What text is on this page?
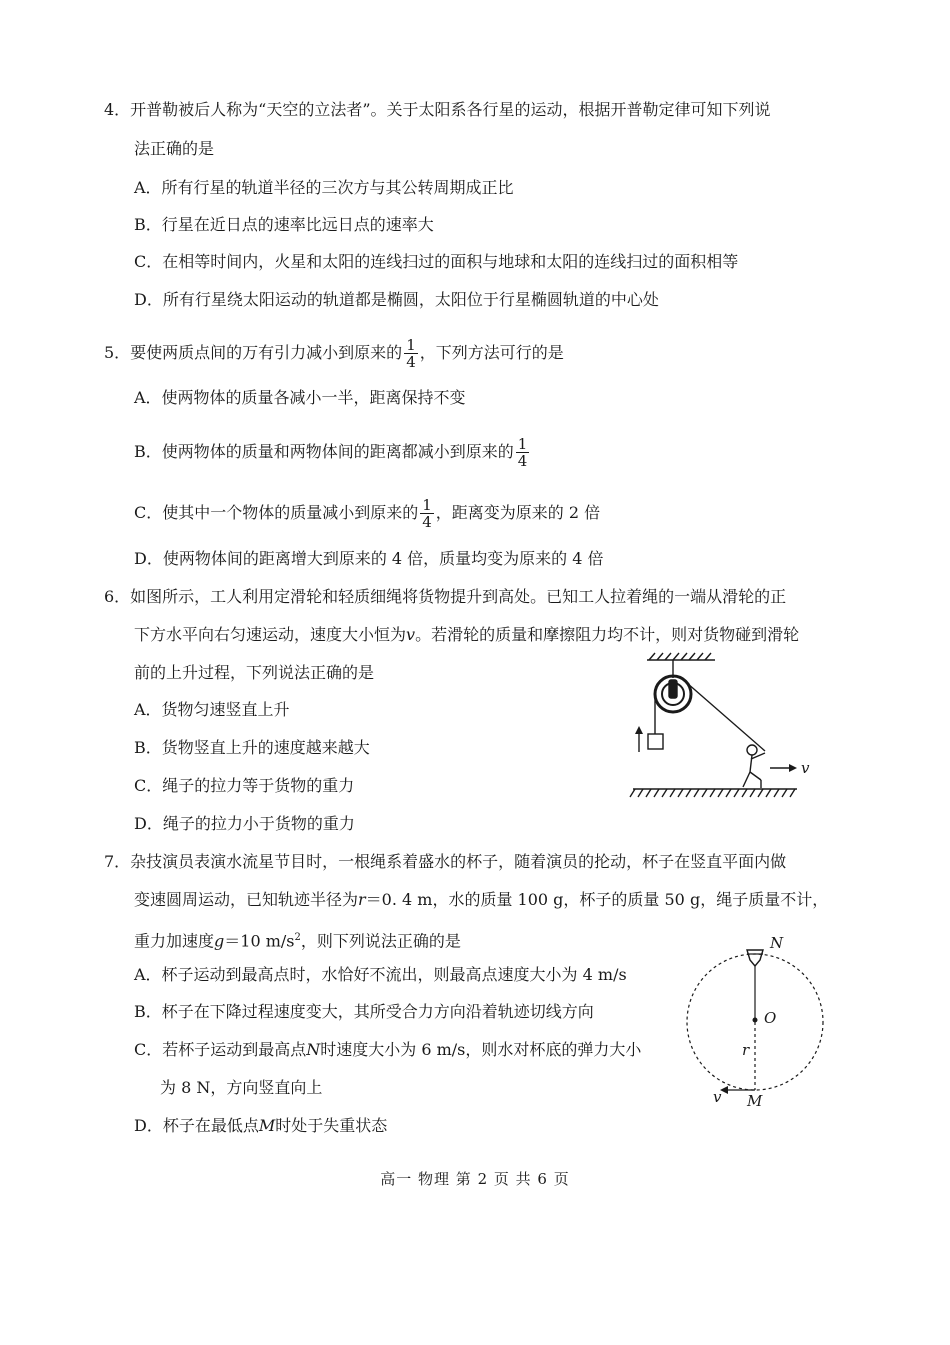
4．开普勒被后人称为“天空的立法者”。关于太阳系各行星的运动，根据开普勒定律可知下列说
法正确的是
A．所有行星的轨道半径的三次方与其公转周期成正比
B．行星在近日点的速率比远日点的速率大
C．在相等时间内，火星和太阳的连线扫过的面积与地球和太阳的连线扫过的面积相等
D．所有行星绕太阳运动的轨道都是椭圆，太阳位于行星椭圆轨道的中心处
5．要使两质点间的万有引力减小到原来的 $\frac{1}{4}$ ，下列方法可行的是
A．使两物体的质量各减小一半，距离保持不变
B．使两物体的质量和两物体间的距离都减小到原来的 $\frac{1}{4}$
C．使其中一个物体的质量减小到原来的 $\frac{1}{4}$ ，距离变为原来的 2 倍
D．使两物体间的距离增大到原来的 4 倍，质量均变为原来的 4 倍
6．如图所示，工人利用定滑轮和轻质细绳将货物提升到高处。已知工人拉着绳的一端从滑轮的正
下方水平向右匀速运动，速度大小恒为v。若滑轮的质量和摩擦阻力均不计，则对货物碰到滑轮
前的上升过程，下列说法正确的是
A．货物匀速竖直上升
B．货物竖直上升的速度越来越大
C．绳子的拉力等于货物的重力
D．绳子的拉力小于货物的重力
v
7．杂技演员表演水流星节目时，一根绳系着盛水的杯子，随着演员的抡动，杯子在竖直平面内做
变速圆周运动，已知轨迹半径为r＝0. 4 m，水的质量 100 g，杯子的质量 50 g，绳子质量不计，
重力加速度g＝10 $m/s^2$，则下列说法正确的是
A．杯子运动到最高点时，水恰好不流出，则最高点速度大小为 4 m/s
B．杯子在下降过程速度变大，其所受合力方向沿着轨迹切线方向
C．若杯子运动到最高点N时速度大小为 6 m/s，则水对杯底的弹力大小
为 8 N，方向竖直向上
D．杯子在最低点M时处于失重状态
N
O
r
v M
高一 物理 第 2 页 共 6 页
